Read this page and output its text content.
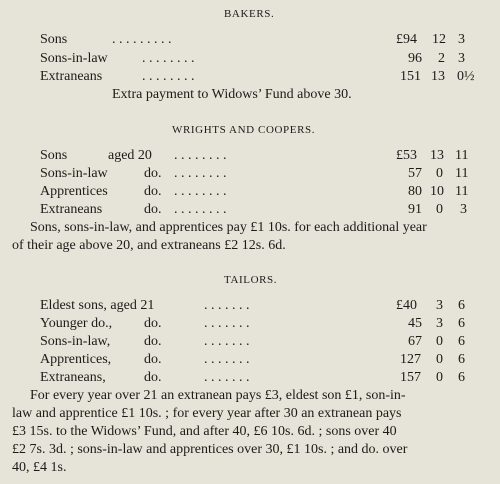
BAKERS.
Sons	. . . . . . . . .	£94 12 3
Sons-in-law . . . . . . . .	96 2 3
Extraneans	. . . . . . . .	151 13 0½
Extra payment to Widows’ Fund above 30.
WRIGHTS AND COOPERS.
Sons	aged 20 . . . . . . . .	£53 13 11
Sons-in-law	do. . . . . . . . .	57 0 11
Apprentices	do. . . . . . . . .	80 10 11
Extraneans	do. . . . . . . . .	91 0 3
Sons, sons-in-law, and apprentices pay £1 10s. for each additional year
of their age above 20, and extraneans £2 12s. 6d.
TAILORS.
Eldest sons, aged 21	. . . . . . .	£40 3 6
Younger do., do.	. . . . . . .	45 3 6
Sons-in-law, do.	. . . . . . .	67 0 6
Apprentices, do.	. . . . . . .	127 0 6
Extraneans,	do.	. . . . . . .	157 0 6
For every year over 21 an extranean pays £3, eldest son £1, son-in-
law and apprentice £1 10s. ; for every year after 30 an extranean pays
£3 15s. to the Widows’ Fund, and after 40, £6 10s. 6d. ; sons over 40
£2 7s. 3d. ; sons-in-law and apprentices over 30, £1 10s. ; and do. over
40, £4 1s.
